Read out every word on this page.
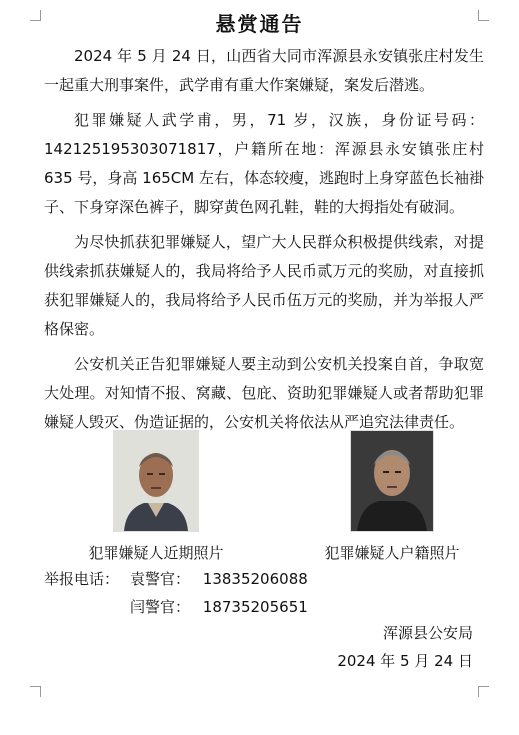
悬赏通告

2024 年 5 月 24 日，山西省大同市浑源县永安镇张庄村发生一起重大刑事案件，武学甫有重大作案嫌疑，案发后潜逃。

犯罪嫌疑人武学甫，男，71 岁，汉族，身份证号码：142125195303071817，户籍所在地：浑源县永安镇张庄村 635 号，身高 165CM 左右，体态较瘦，逃跑时上身穿蓝色长袖褂子、下身穿深色裤子，脚穿黄色网孔鞋，鞋的大拇指处有破洞。

为尽快抓获犯罪嫌疑人，望广大人民群众积极提供线索，对提供线索抓获嫌疑人的，我局将给予人民币贰万元的奖励，对直接抓获犯罪嫌疑人的，我局将给予人民币伍万元的奖励，并为举报人严格保密。

公安机关正告犯罪嫌疑人要主动到公安机关投案自首，争取宽大处理。对知情不报、窝藏、包庇、资助犯罪嫌疑人或者帮助犯罪嫌疑人毁灭、伪造证据的，公安机关将依法从严追究法律责任。

犯罪嫌疑人近期照片	犯罪嫌疑人户籍照片
举报电话： 袁警官： 13835206088
闫警官： 18735205651
浑源县公安局
2024 年 5 月 24 日
